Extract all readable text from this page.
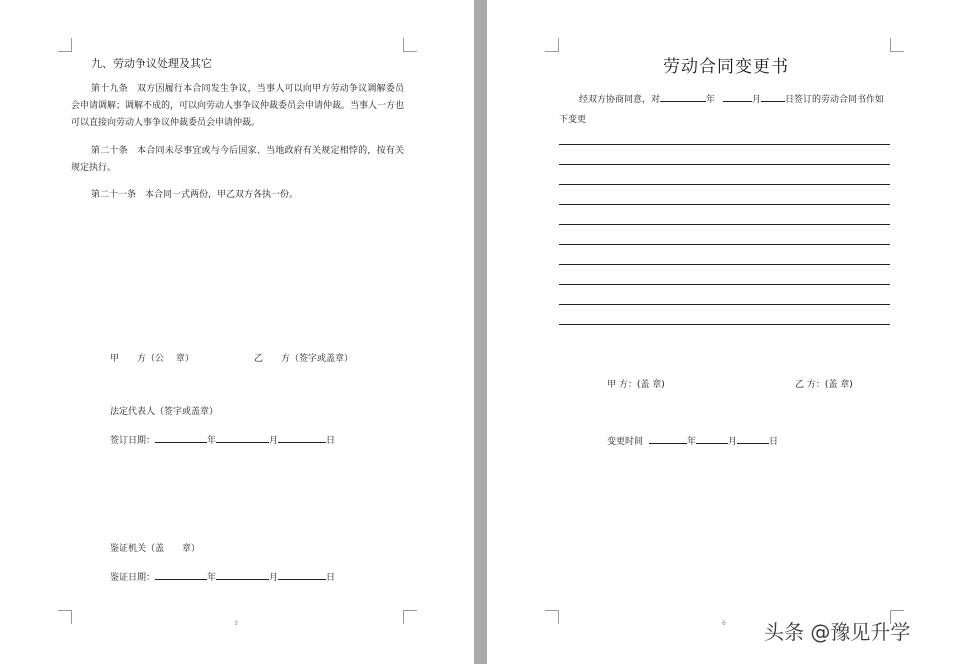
九、劳动争议处理及其它
第十九条　双方因履行本合同发生争议，当事人可以向甲方劳动争议调解委员会申请调解；调解不成的，可以向劳动人事争议仲裁委员会申请仲裁。当事人一方也可以直接向劳动人事争议仲裁委员会申请仲裁。
第二十条　本合同未尽事宜或与今后国家、当地政府有关规定相悖的，按有关规定执行。
第二十一条　本合同一式两份，甲乙双方各执一份。
甲　　方（公　 章）	乙　　方（签字或盖章）
法定代表人（签字或盖章）
签订日期：	年	月	日
鉴证机关（盖　　章）
鉴证日期：	年	月	日
3
劳动合同变更书
经双方协商同意，对	年	月	日签订的劳动合同书作如
下变更
甲 方：(盖 章)	乙 方：(盖 章)
变更时间	年	月	日
6 头条 @豫见升学
